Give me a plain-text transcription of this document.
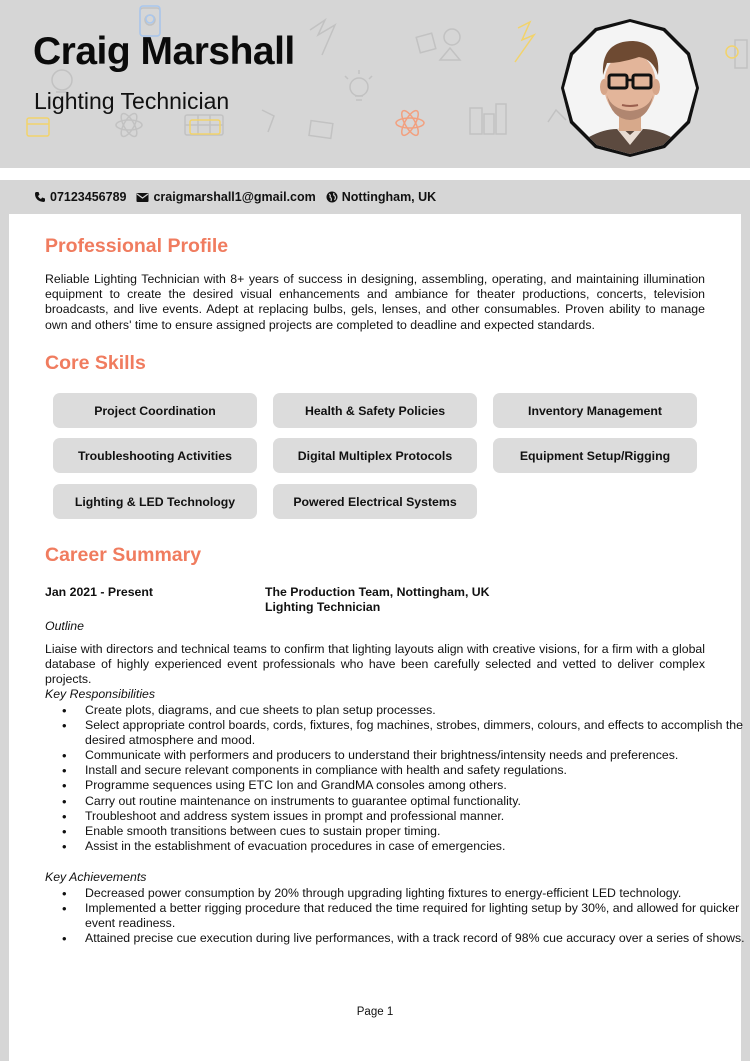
Craig Marshall
Lighting Technician
07123456789 craigmarshall1@gmail.com Nottingham, UK
Professional Profile
Reliable Lighting Technician with 8+ years of success in designing, assembling, operating, and maintaining illumination equipment to create the desired visual enhancements and ambiance for theater productions, concerts, television broadcasts, and live events. Adept at replacing bulbs, gels, lenses, and other consumables. Proven ability to manage own and others' time to ensure assigned projects are completed to deadline and expected standards.
Core Skills
Project Coordination	Health & Safety Policies	Inventory Management
Troubleshooting Activities	Digital Multiplex Protocols	Equipment Setup/Rigging
Lighting & LED Technology	Powered Electrical Systems
Career Summary
Jan 2021 - Present	The Production Team, Nottingham, UK
Lighting Technician
Outline
Liaise with directors and technical teams to confirm that lighting layouts align with creative visions, for a firm with a global database of highly experienced event professionals who have been carefully selected and vetted to deliver complex projects.
Key Responsibilities
• Create plots, diagrams, and cue sheets to plan setup processes.
• Select appropriate control boards, cords, fixtures, fog machines, strobes, dimmers, colours, and effects to accomplish the desired atmosphere and mood.
• Communicate with performers and producers to understand their brightness/intensity needs and preferences.
• Install and secure relevant components in compliance with health and safety regulations.
• Programme sequences using ETC Ion and GrandMA consoles among others.
• Carry out routine maintenance on instruments to guarantee optimal functionality.
• Troubleshoot and address system issues in prompt and professional manner.
• Enable smooth transitions between cues to sustain proper timing.
• Assist in the establishment of evacuation procedures in case of emergencies.
Key Achievements
• Decreased power consumption by 20% through upgrading lighting fixtures to energy-efficient LED technology.
• Implemented a better rigging procedure that reduced the time required for lighting setup by 30%, and allowed for quicker event readiness.
• Attained precise cue execution during live performances, with a track record of 98% cue accuracy over a series of shows.
Page 1
